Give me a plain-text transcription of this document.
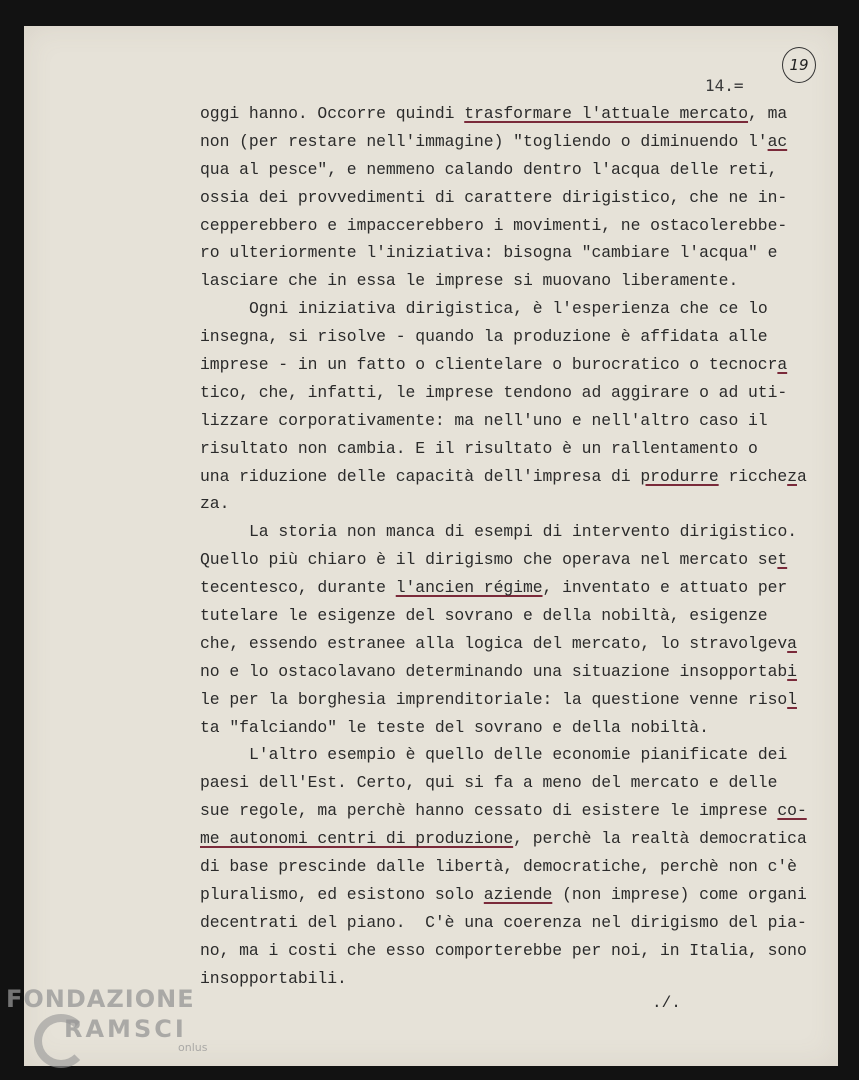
14.=
19
oggi hanno. Occorre quindi trasformare l'attuale mercato, ma
non (per restare nell'immagine) "togliendo o diminuendo l'ac
qua al pesce", e nemmeno calando dentro l'acqua delle reti,
ossia dei provvedimenti di carattere dirigistico, che ne in-
cepperebbero e impaccerebbero i movimenti, ne ostacolerebbe-
ro ulteriormente l'iniziativa: bisogna "cambiare l'acqua" e
lasciare che in essa le imprese si muovano liberamente.
Ogni iniziativa dirigistica, è l'esperienza che ce lo
insegna, si risolve - quando la produzione è affidata alle
imprese - in un fatto o clientelare o burocratico o tecnocra
tico, che, infatti, le imprese tendono ad aggirare o ad uti-
lizzare corporativamente: ma nell'uno e nell'altro caso il
risultato non cambia. E il risultato è un rallentamento o
una riduzione delle capacità dell'impresa di produrre riccheza
za.
La storia non manca di esempi di intervento dirigistico.
Quello più chiaro è il dirigismo che operava nel mercato set
tecentesco, durante l'ancien régime, inventato e attuato per
tutelare le esigenze del sovrano e della nobiltà, esigenze
che, essendo estranee alla logica del mercato, lo stravolgeva
no e lo ostacolavano determinando una situazione insopportabi
le per la borghesia imprenditoriale: la questione venne risol
ta "falciando" le teste del sovrano e della nobiltà.
L'altro esempio è quello delle economie pianificate dei
paesi dell'Est. Certo, qui si fa a meno del mercato e delle
sue regole, ma perchè hanno cessato di esistere le imprese co-
me autonomi centri di produzione, perchè la realtà democratica
di base prescinde dalle libertà, democratiche, perchè non c'è
pluralismo, ed esistono solo aziende (non imprese) come organi
decentrati del piano.  C'è una coerenza nel dirigismo del pia-
no, ma i costi che esso comporterebbe per noi, in Italia, sono
insopportabili.
./.
FONDAZIONE
RAMSCI
onlus
